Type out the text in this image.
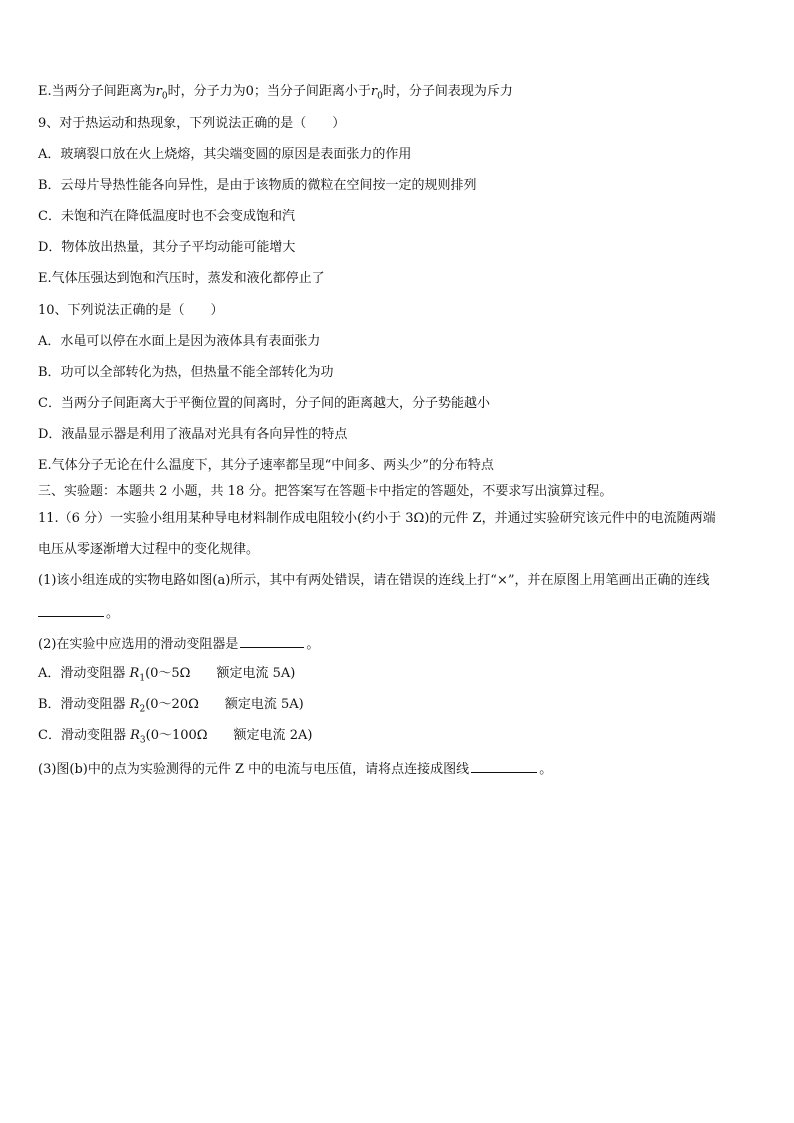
E.当两分子间距离为$r_0$时，分子力为0；当分子间距离小于$r_0$时，分子间表现为斥力
9、对于热运动和热现象，下列说法正确的是（　　）
A．玻璃裂口放在火上烧熔，其尖端变圆的原因是表面张力的作用
B．云母片导热性能各向异性，是由于该物质的微粒在空间按一定的规则排列
C．未饱和汽在降低温度时也不会变成饱和汽
D．物体放出热量，其分子平均动能可能增大
E.气体压强达到饱和汽压时，蒸发和液化都停止了
10、下列说法正确的是（　　）
A．水黾可以停在水面上是因为液体具有表面张力
B．功可以全部转化为热，但热量不能全部转化为功
C．当两分子间距离大于平衡位置的间离时，分子间的距离越大，分子势能越小
D．液晶显示器是利用了液晶对光具有各向异性的特点
E.气体分子无论在什么温度下，其分子速率都呈现“中间多、两头少”的分布特点
三、实验题：本题共 2 小题，共 18 分。把答案写在答题卡中指定的答题处，不要求写出演算过程。
11.（6 分）一实验小组用某种导电材料制作成电阻较小(约小于 3Ω)的元件 Z，并通过实验研究该元件中的电流随两端
电压从零逐渐增大过程中的变化规律。
(1)该小组连成的实物电路如图(a)所示，其中有两处错误，请在错误的连线上打“×”，并在原图上用笔画出正确的连线
。
(2)在实验中应选用的滑动变阻器是	。
A．滑动变阻器 $R_1(0\sim 5\Omega$　　额定电流 5A)
B．滑动变阻器 $R_2(0\sim 20\Omega$　　额定电流 5A)
C．滑动变阻器 $R_3(0\sim 100\Omega$　　额定电流 2A)
(3)图(b)中的点为实验测得的元件 Z 中的电流与电压值，请将点连接成图线	。
